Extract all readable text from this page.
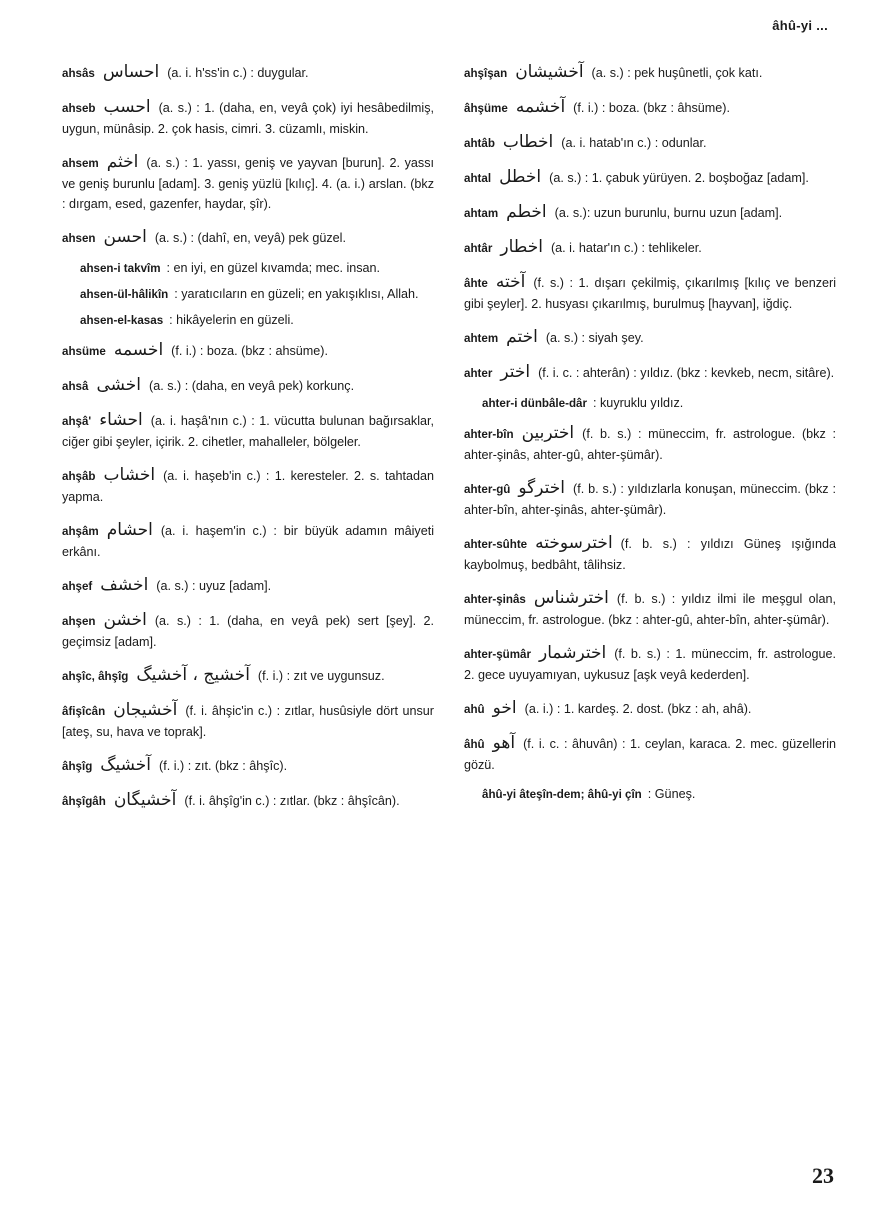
âhû-yi ...

ahsâs احساس (a. i. h'ss'in c.) : duygular.

ahseb احسب (a. s.) : 1. (daha, en, veyâ çok) iyi hesâbedilmiş, uygun, münâsip. 2. çok hasis, cimri. 3. cüzamlı, miskin.

ahsem اخثم (a. s.) : 1. yassı, geniş ve yayvan [burun]. 2. yassı ve geniş burunlu [adam]. 3. geniş yüzlü [kılıç]. 4. (a. i.) arslan. (bkz : dırgam, esed, gazenfer, haydar, şîr).

ahsen احسن (a. s.) : (dahî, en, veyâ) pek güzel.

ahsen-i takvîm : en iyi, en güzel kıvamda; mec. insan.

ahsen-ül-hâlikîn : yaratıcıların en güzeli; en yakışıklısı, Allah.

ahsen-el-kasas : hikâyelerin en güzeli.

ahsüme اخسمه (f. i.) : boza. (bkz : ahsüme).

ahsâ اخشى (a. s.) : (daha, en veyâ pek) korkunç.

ahşâ' احشاء (a. i. haşâ'nın c.) : 1. vücutta bulunan bağırsaklar, ciğer gibi şeyler, içirik. 2. cihetler, mahalleler, bölgeler.

ahşâb اخشاب (a. i. haşeb'in c.) : 1. keresteler. 2. s. tahtadan yapma.

ahşâm احشام (a. i. haşem'in c.) : bir büyük adamın mâiyeti erkânı.

ahşef اخشف (a. s.) : uyuz [adam].

ahşen اخشن (a. s.) : 1. (daha, en veyâ pek) sert [şey]. 2. geçimsiz [adam].

ahşîc, âhşîg آخشيج ، آخشيگ (f. i.) : zıt ve uygunsuz.

âfişîcân آخشيجان (f. i. âhşic'in c.) : zıtlar, husûsiyle dört unsur [ateş, su, hava ve toprak].

âhşîg آخشيگ (f. i.) : zıt. (bkz : âhşîc).

âhşîgâh آخشيگان (f. i. âhşîg'in c.) : zıtlar. (bkz : âhşîcân).

ahşîşan آخشيشان (a. s.) : pek huşûnetli, çok katı.

âhşüme آخشمه (f. i.) : boza. (bkz : âhsüme).

ahtâb اخطاب (a. i. hatab'ın c.) : odunlar.

ahtal اخطل (a. s.) : 1. çabuk yürüyen. 2. boşboğaz [adam].

ahtam اخطم (a. s.): uzun burunlu, burnu uzun [adam].

ahtâr اخطار (a. i. hatar'ın c.) : tehlikeler.

âhte آخته (f. s.) : 1. dışarı çekilmiş, çıkarılmış [kılıç ve benzeri gibi şeyler]. 2. husyası çıkarılmış, burulmuş [hayvan], iğdiç.

ahtem اختم (a. s.) : siyah şey.

ahter اختر (f. i. c. : ahterân) : yıldız. (bkz : kevkeb, necm, sitâre).

ahter-i dünbâle-dâr : kuyruklu yıldız.

ahter-bîn اختربين (f. b. s.) : müneccim, fr. astrologue. (bkz : ahter-şinâs, ahter-gû, ahter-şümâr).

ahter-gû اخترگو (f. b. s.) : yıldızlarla konuşan, müneccim. (bkz : ahter-bîn, ahter-şinâs, ahter-şümâr).

ahter-sûhte اخترسوخته (f. b. s.) : yıldızı Güneş ışığında kaybolmuş, bedbâht, tâlihsiz.

ahter-şinâs اخترشناس (f. b. s.) : yıldız ilmi ile meşgul olan, müneccim, fr. astrologue. (bkz : ahter-gû, ahter-bîn, ahter-şümâr).

ahter-şümâr اخترشمار (f. b. s.) : 1. müneccim, fr. astrologue. 2. gece uyuyamıyan, uykusuz [aşk veyâ kederden].

ahû اخو (a. i.) : 1. kardeş. 2. dost. (bkz : ah, ahâ).

âhû آهو (f. i. c. : âhuvân) : 1. ceylan, karaca. 2. mec. güzellerin gözü.

âhû-yi âteşîn-dem; âhû-yi çîn : Güneş.

23
